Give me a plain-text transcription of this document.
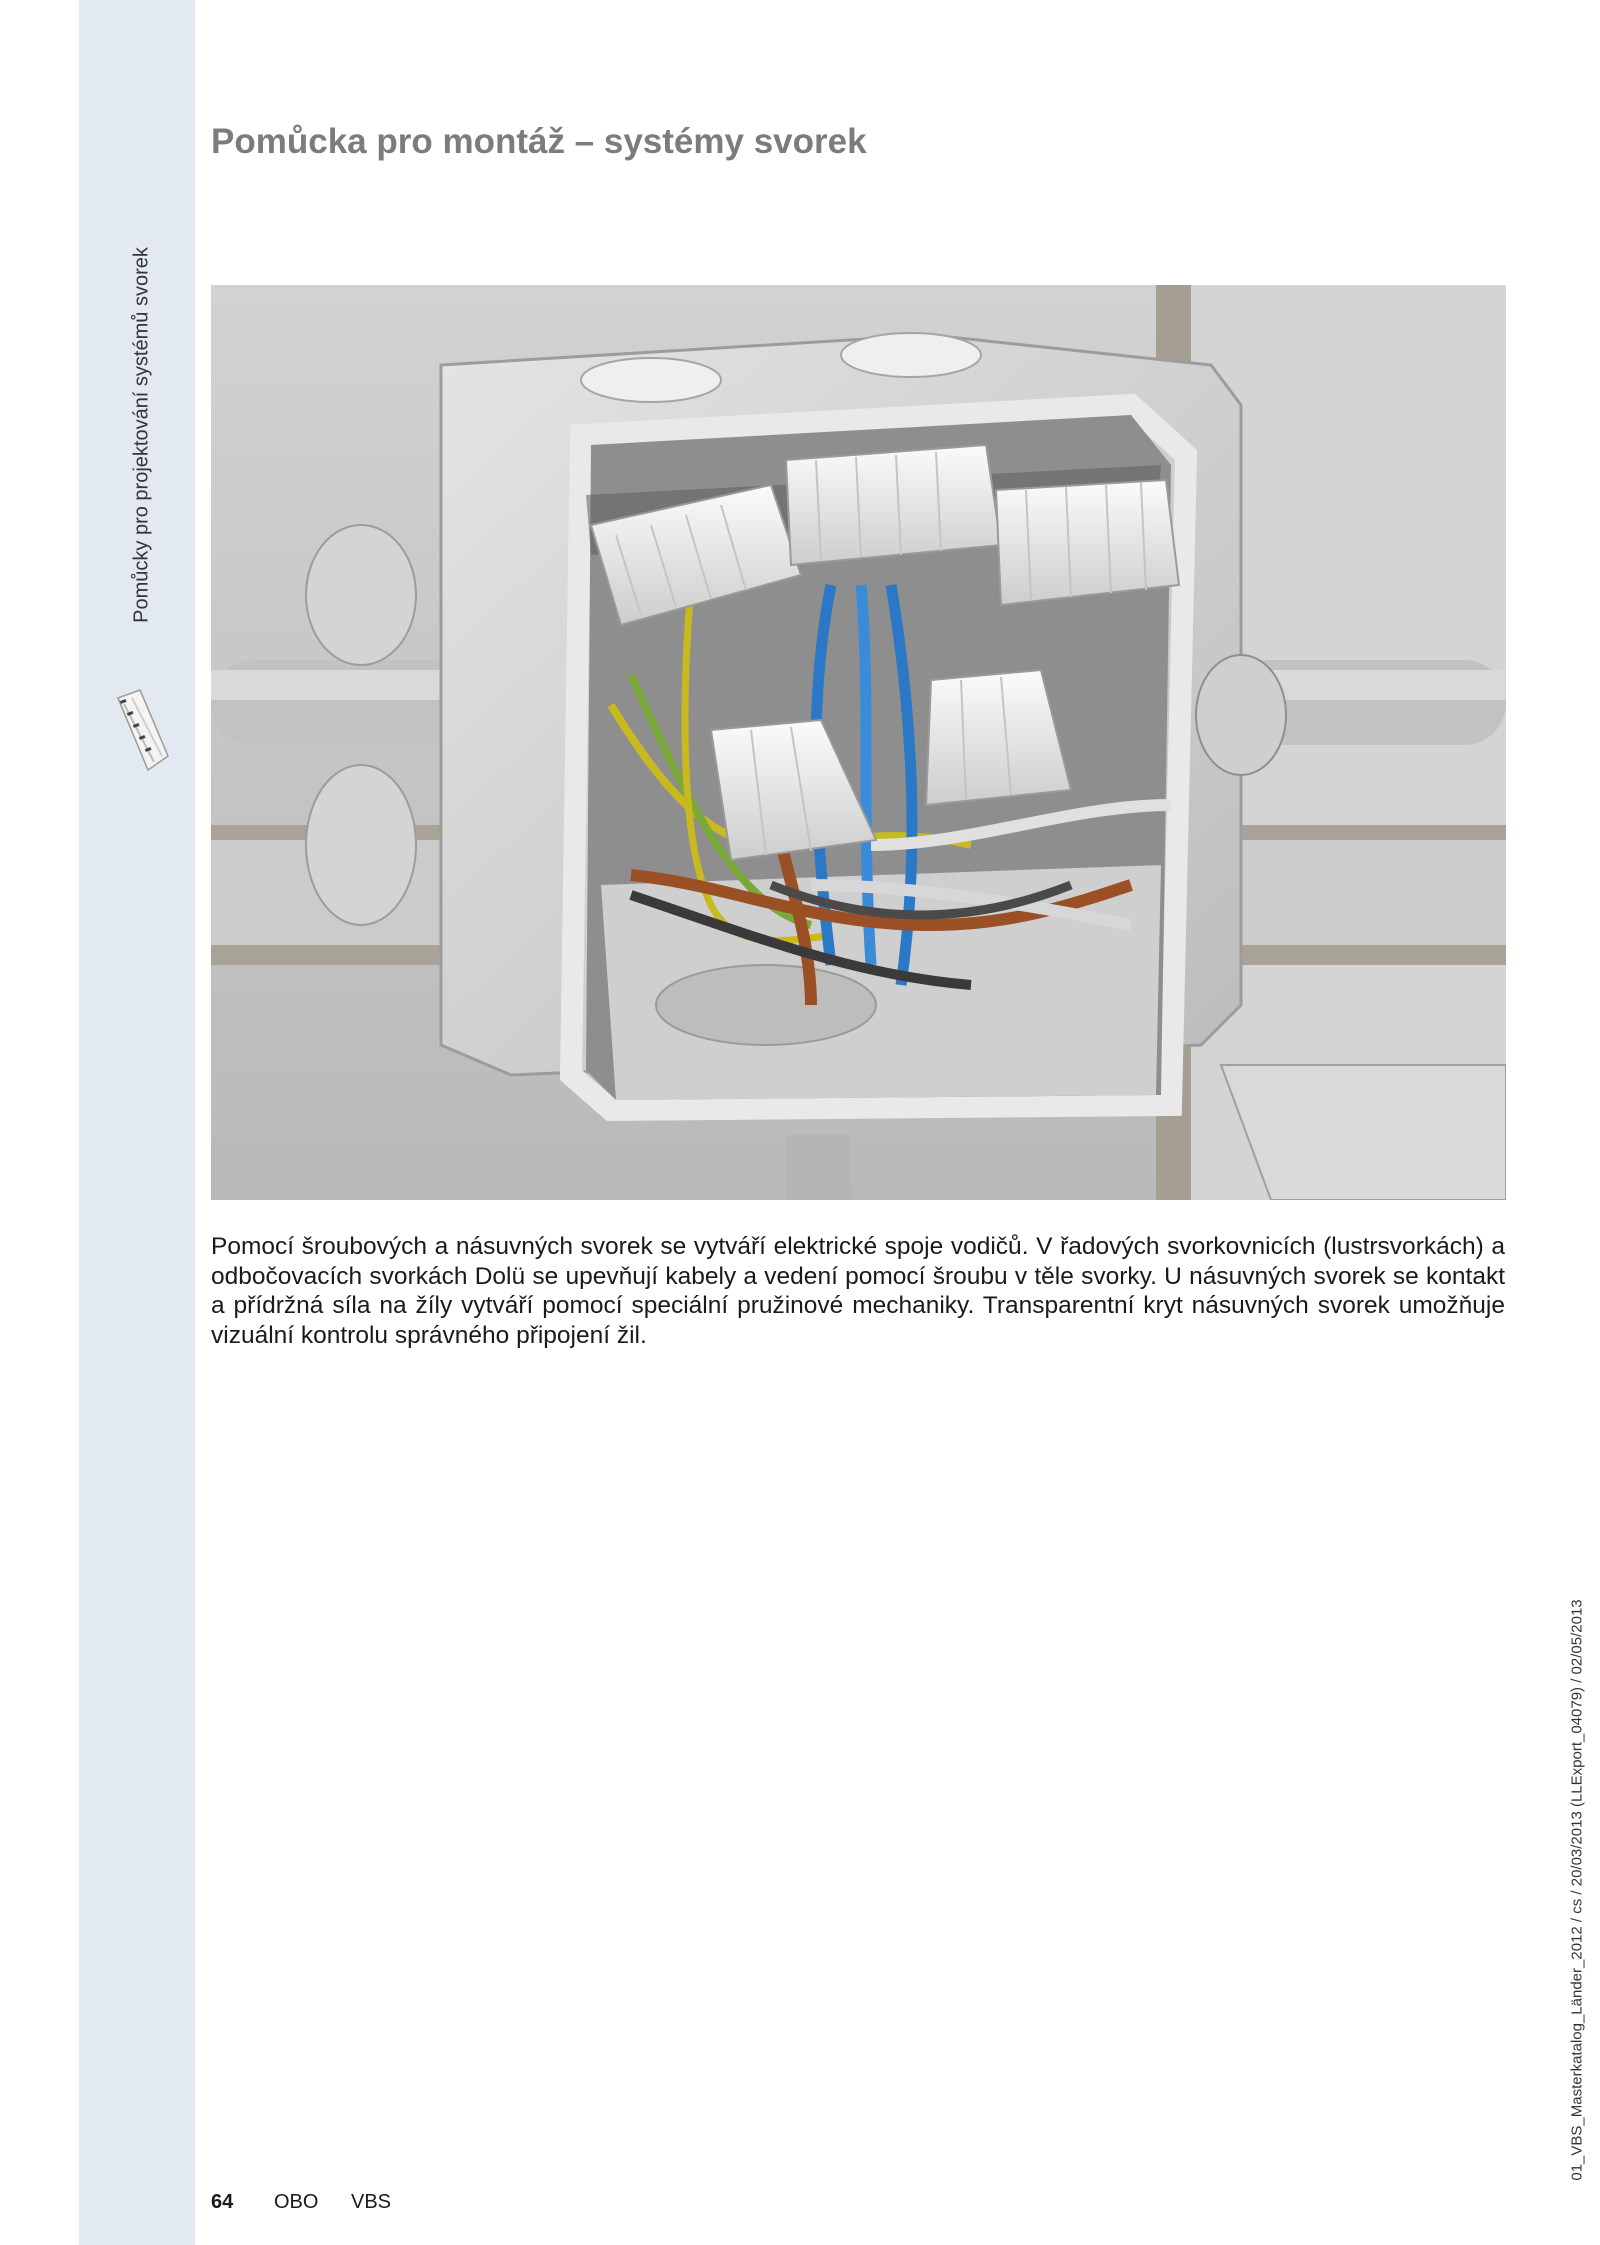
Pomůcky pro projektování systémů svorek
Pomůcka pro montáž – systémy svorek

Pomocí šroubových a násuvných svorek se vytváří elektrické spoje vodičů. V řadových svorkovnicích (lustrsvorkách) a odbočovacích svorkách Dolü se upevňují kabely a vedení pomocí šroubu v těle svorky. U násuvných svorek se kontakt a přídržná síla na žíly vytváří pomocí speciální pružinové mechaniky. Transparentní kryt násuvných svorek umožňuje vizuální kontrolu správného připojení žil.

64 OBO VBS
01_VBS_Masterkatalog_Länder_2012 / cs / 20/03/2013 (LLExport_04079) / 02/05/2013
